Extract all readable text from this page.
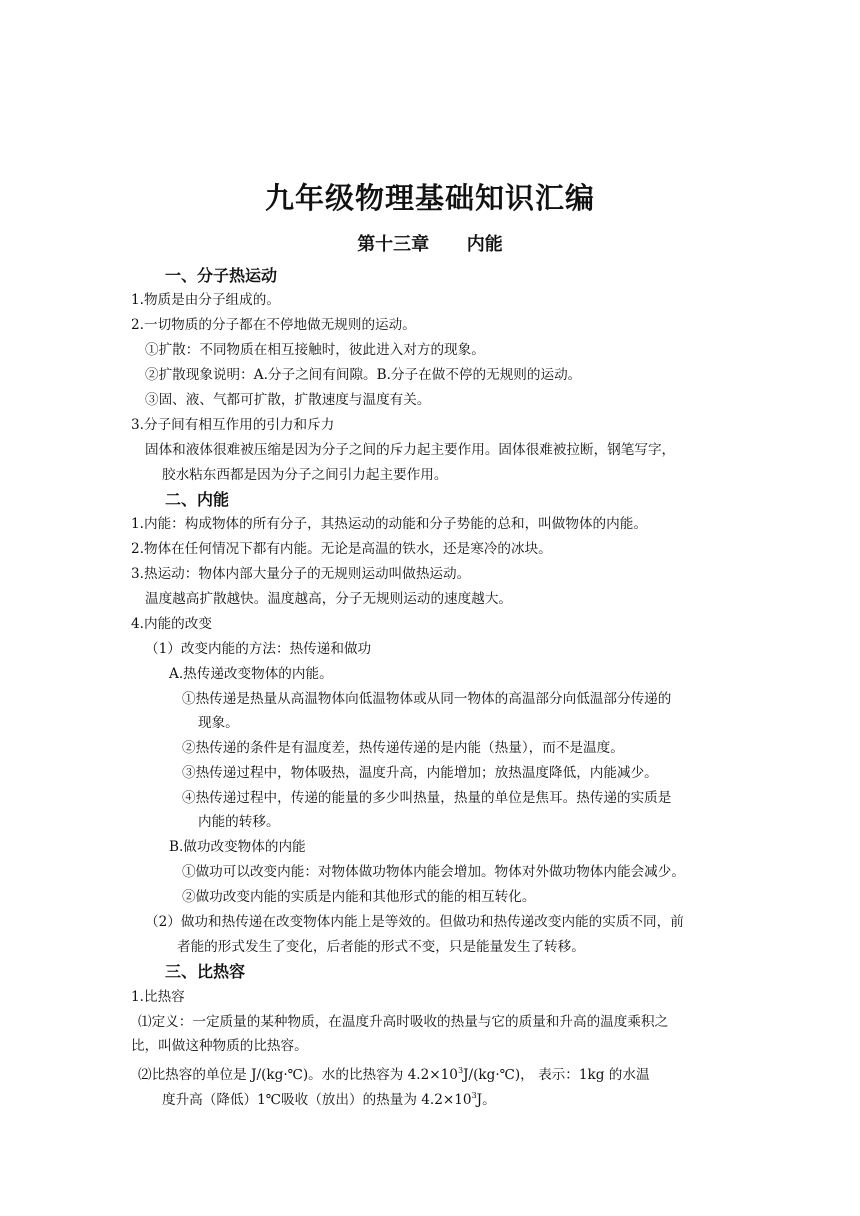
九年级物理基础知识汇编
第十三章      内能
一、分子热运动
1.物质是由分子组成的。
2.一切物质的分子都在不停地做无规则的运动。
①扩散：不同物质在相互接触时，彼此进入对方的现象。
②扩散现象说明：A.分子之间有间隙。B.分子在做不停的无规则的运动。
③固、液、气都可扩散，扩散速度与温度有关。
3.分子间有相互作用的引力和斥力
固体和液体很难被压缩是因为分子之间的斥力起主要作用。固体很难被拉断，钢笔写字，
胶水粘东西都是因为分子之间引力起主要作用。
二、内能
1.内能：构成物体的所有分子，其热运动的动能和分子势能的总和，叫做物体的内能。
2.物体在任何情况下都有内能。无论是高温的铁水，还是寒冷的冰块。
3.热运动：物体内部大量分子的无规则运动叫做热运动。
温度越高扩散越快。温度越高，分子无规则运动的速度越大。
4.内能的改变
（1）改变内能的方法：热传递和做功
A.热传递改变物体的内能。
①热传递是热量从高温物体向低温物体或从同一物体的高温部分向低温部分传递的
现象。
②热传递的条件是有温度差，热传递传递的是内能（热量），而不是温度。
③热传递过程中，物体吸热，温度升高，内能增加；放热温度降低，内能减少。
④热传递过程中，传递的能量的多少叫热量，热量的单位是焦耳。热传递的实质是
内能的转移。
B.做功改变物体的内能
①做功可以改变内能：对物体做功物体内能会增加。物体对外做功物体内能会减少。
②做功改变内能的实质是内能和其他形式的能的相互转化。
（2）做功和热传递在改变物体内能上是等效的。但做功和热传递改变内能的实质不同，前
者能的形式发生了变化，后者能的形式不变，只是能量发生了转移。
三、比热容
1.比热容
⑴定义：一定质量的某种物质，在温度升高时吸收的热量与它的质量和升高的温度乘积之
比，叫做这种物质的比热容。
⑵比热容的单位是 J/(kg·℃)。水的比热容为 $4.2\times 10^3J/(kg\cdot℃)$， 表示：1kg 的水温
度升高（降低）1℃吸收（放出）的热量为 $4.2\times 10^3J$。
